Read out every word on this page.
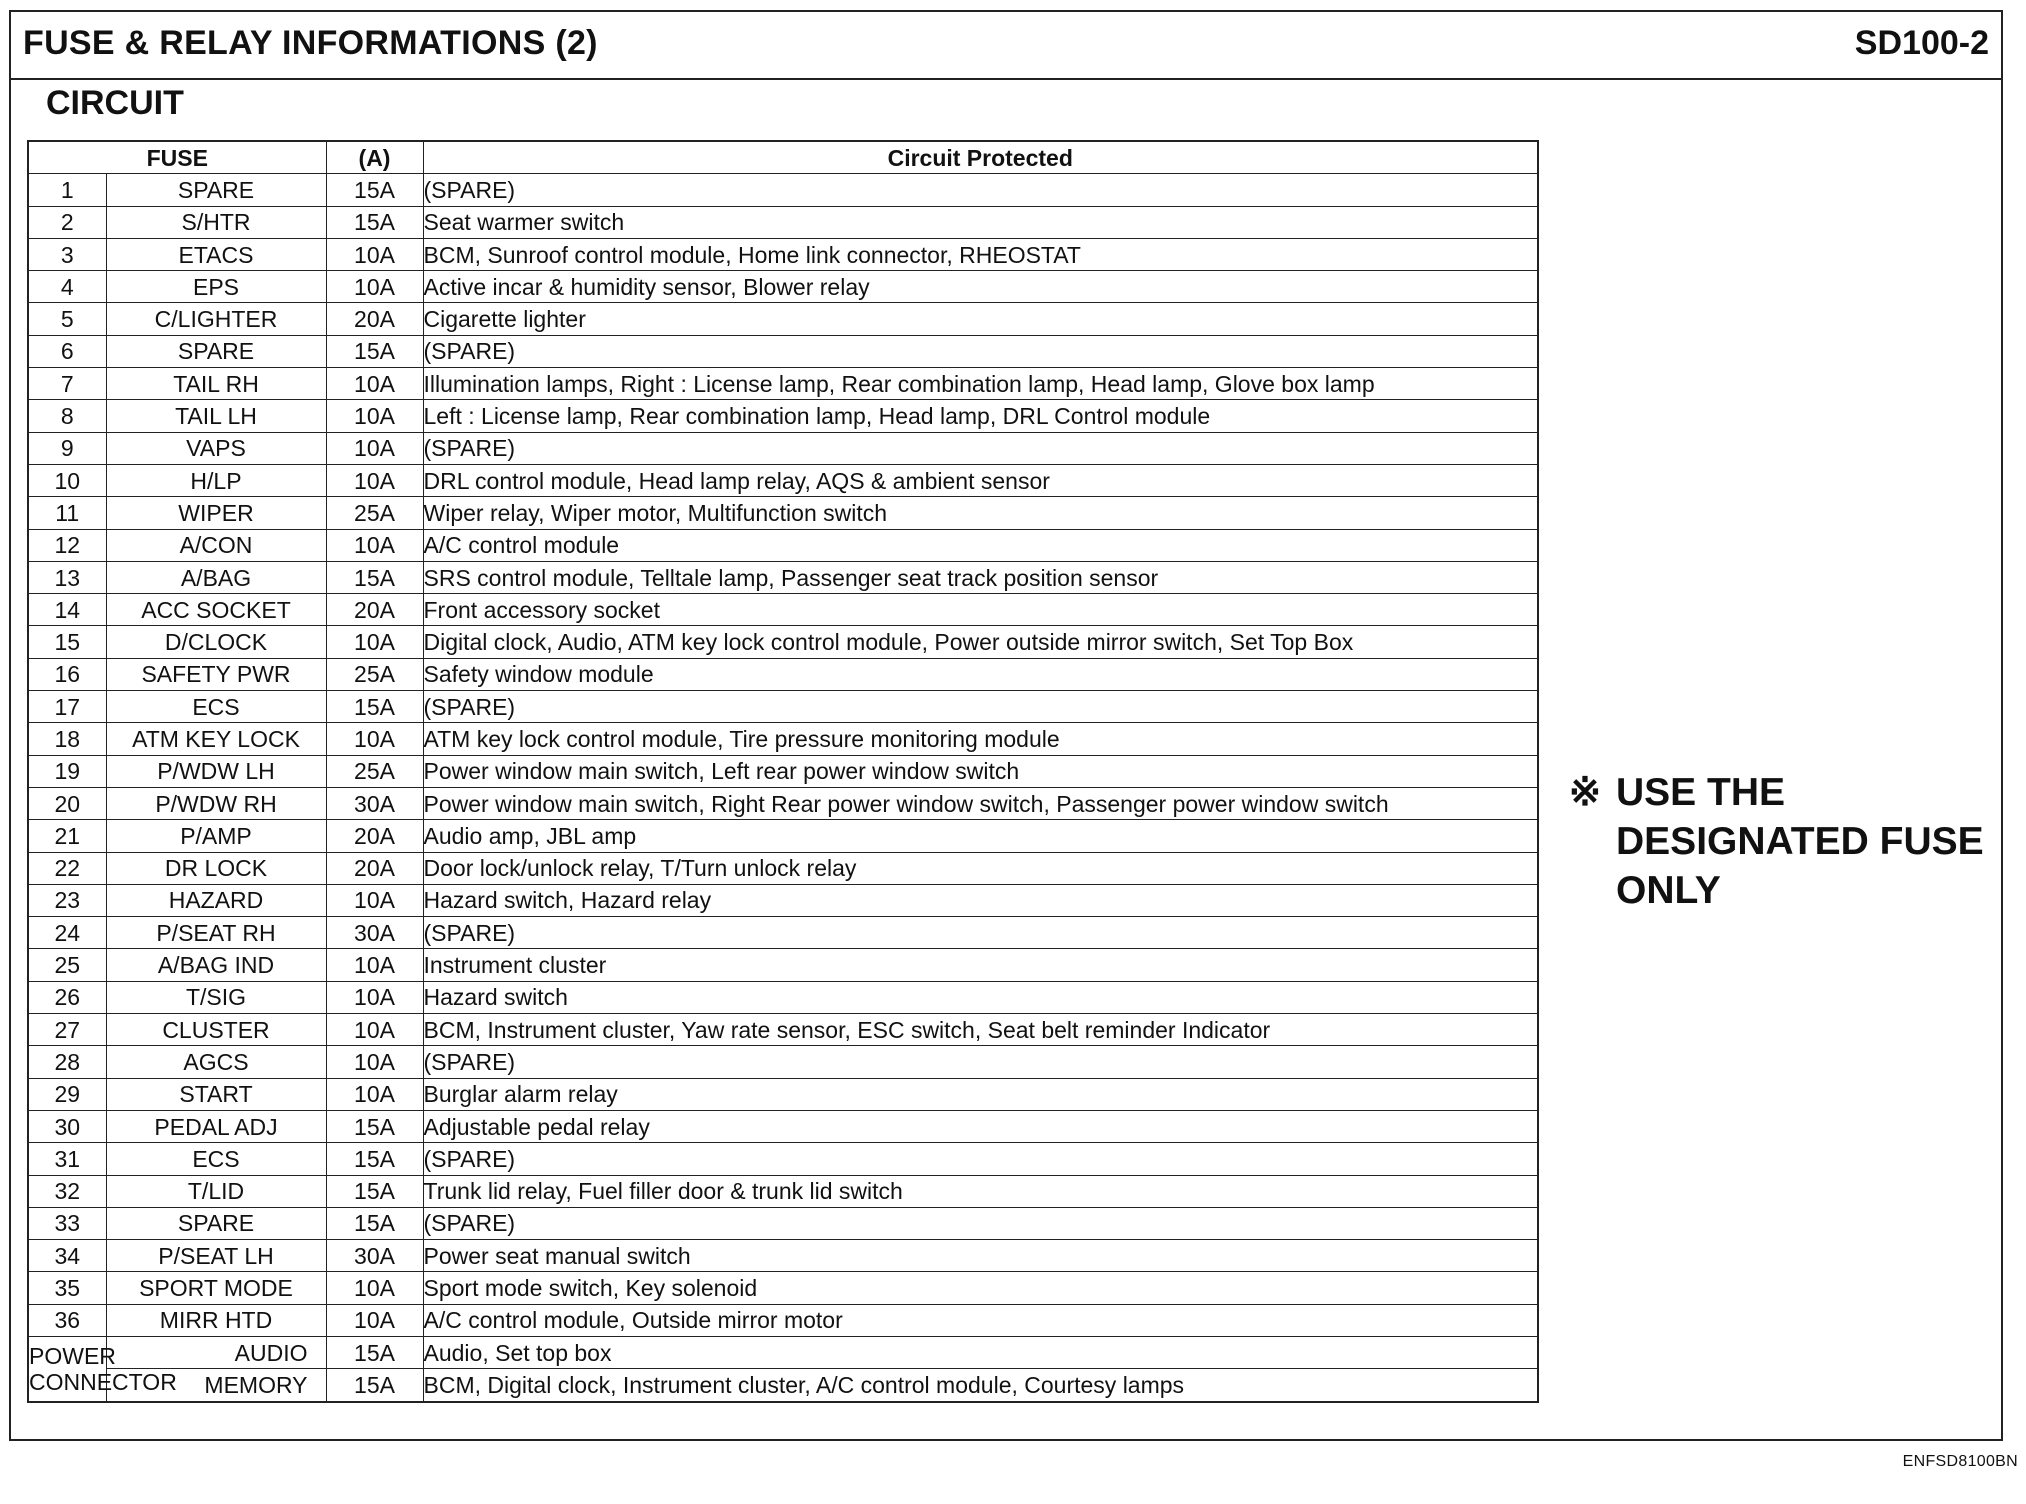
FUSE & RELAY INFORMATIONS (2)	SD100-2
CIRCUIT
FUSE		(A)	Circuit Protected
1	SPARE	15A	(SPARE)
2	S/HTR	15A	Seat warmer switch
3	ETACS	10A	BCM, Sunroof control module, Home link connector, RHEOSTAT
4	EPS	10A	Active incar & humidity sensor, Blower relay
5	C/LIGHTER	20A	Cigarette lighter
6	SPARE	15A	(SPARE)
7	TAIL RH	10A	Illumination lamps, Right : License lamp, Rear combination lamp, Head lamp, Glove box lamp
8	TAIL LH	10A	Left : License lamp, Rear combination lamp, Head lamp, DRL Control module
9	VAPS	10A	(SPARE)
10	H/LP	10A	DRL control module, Head lamp relay, AQS & ambient sensor
11	WIPER	25A	Wiper relay, Wiper motor, Multifunction switch
12	A/CON	10A	A/C control module
13	A/BAG	15A	SRS control module, Telltale lamp, Passenger seat track position sensor
14	ACC SOCKET	20A	Front accessory socket
15	D/CLOCK	10A	Digital clock, Audio, ATM key lock control module, Power outside mirror switch, Set Top Box
16	SAFETY PWR	25A	Safety window module
17	ECS	15A	(SPARE)
18	ATM KEY LOCK	10A	ATM key lock control module, Tire pressure monitoring module
19	P/WDW LH	25A	Power window main switch, Left rear power window switch
20	P/WDW RH	30A	Power window main switch, Right Rear power window switch, Passenger power window switch
21	P/AMP	20A	Audio amp, JBL amp
22	DR LOCK	20A	Door lock/unlock relay, T/Turn unlock relay
23	HAZARD	10A	Hazard switch, Hazard relay
24	P/SEAT RH	30A	(SPARE)
25	A/BAG IND	10A	Instrument cluster
26	T/SIG	10A	Hazard switch
27	CLUSTER	10A	BCM, Instrument cluster, Yaw rate sensor, ESC switch, Seat belt reminder Indicator
28	AGCS	10A	(SPARE)
29	START	10A	Burglar alarm relay
30	PEDAL ADJ	15A	Adjustable pedal relay
31	ECS	15A	(SPARE)
32	T/LID	15A	Trunk lid relay, Fuel filler door & trunk lid switch
33	SPARE	15A	(SPARE)
34	P/SEAT LH	30A	Power seat manual switch
35	SPORT MODE	10A	Sport mode switch, Key solenoid
36	MIRR HTD	10A	A/C control module, Outside mirror motor

POWER
CONNECTOR	AUDIO	15A	Audio, Set top box
	MEMORY	15A	BCM, Digital clock, Instrument cluster, A/C control module, Courtesy lamps
※ USE THE
DESIGNATED FUSE
ONLY
ENFSD8100BN
